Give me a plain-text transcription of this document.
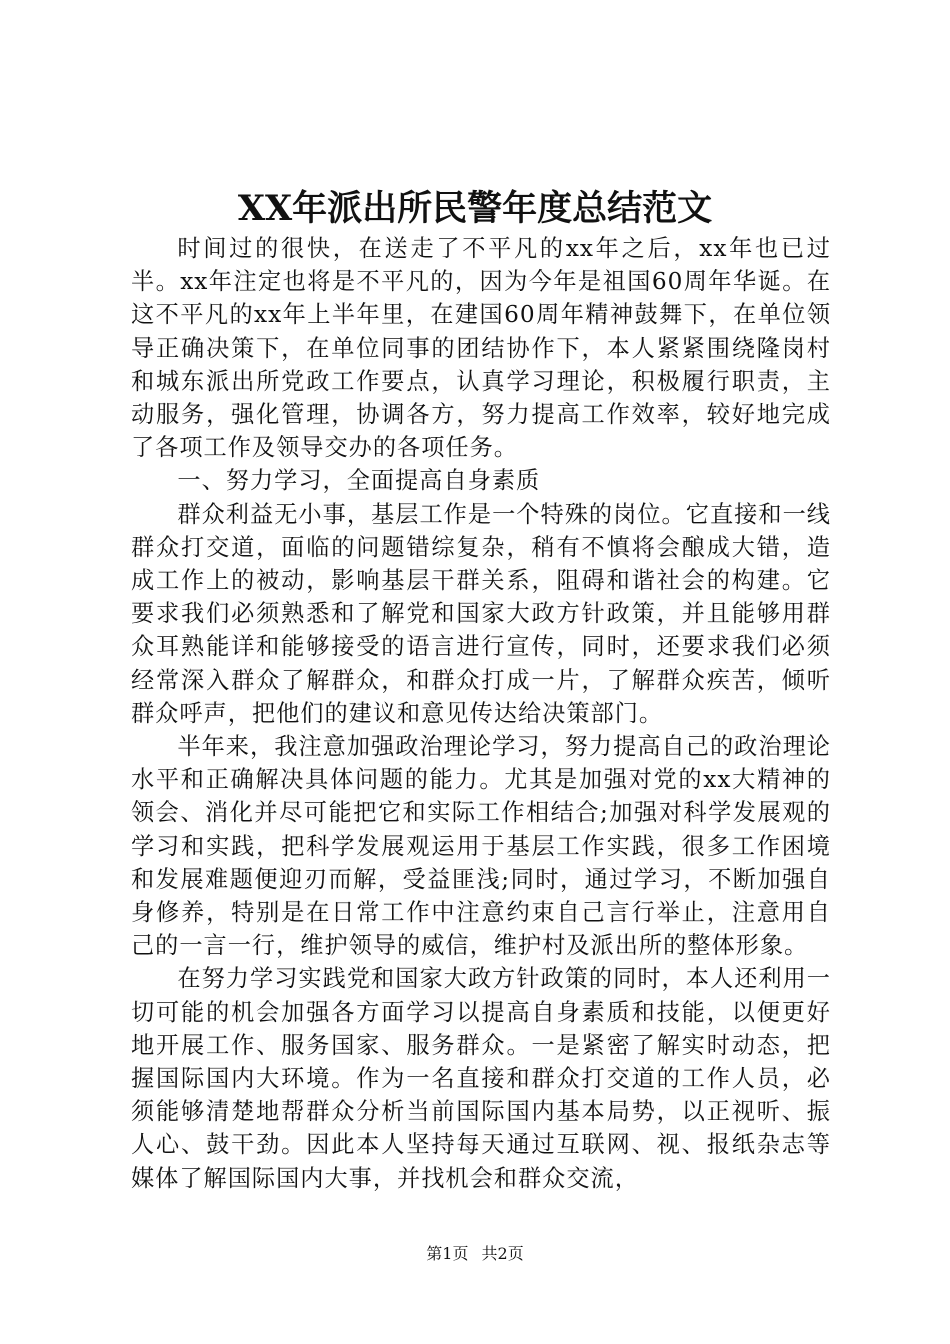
XX年派出所民警年度总结范文

时间过的很快，在送走了不平凡的xx年之后，xx年也已过半。xx年注定也将是不平凡的，因为今年是祖国60周年华诞。在这不平凡的xx年上半年里，在建国60周年精神鼓舞下，在单位领导正确决策下，在单位同事的团结协作下，本人紧紧围绕隆岗村和城东派出所党政工作要点，认真学习理论，积极履行职责，主动服务，强化管理，协调各方，努力提高工作效率，较好地完成了各项工作及领导交办的各项任务。

一、努力学习，全面提高自身素质

群众利益无小事，基层工作是一个特殊的岗位。它直接和一线群众打交道，面临的问题错综复杂，稍有不慎将会酿成大错，造成工作上的被动，影响基层干群关系，阻碍和谐社会的构建。它要求我们必须熟悉和了解党和国家大政方针政策，并且能够用群众耳熟能详和能够接受的语言进行宣传，同时，还要求我们必须经常深入群众了解群众，和群众打成一片，了解群众疾苦，倾听群众呼声，把他们的建议和意见传达给决策部门。

半年来，我注意加强政治理论学习，努力提高自己的政治理论水平和正确解决具体问题的能力。尤其是加强对党的xx大精神的领会、消化并尽可能把它和实际工作相结合;加强对科学发展观的学习和实践，把科学发展观运用于基层工作实践，很多工作困境和发展难题便迎刃而解，受益匪浅;同时，通过学习，不断加强自身修养，特别是在日常工作中注意约束自己言行举止，注意用自己的一言一行，维护领导的威信，维护村及派出所的整体形象。

在努力学习实践党和国家大政方针政策的同时，本人还利用一切可能的机会加强各方面学习以提高自身素质和技能，以便更好地开展工作、服务国家、服务群众。一是紧密了解实时动态，把握国际国内大环境。作为一名直接和群众打交道的工作人员，必须能够清楚地帮群众分析当前国际国内基本局势，以正视听、振人心、鼓干劲。因此本人坚持每天通过互联网、视、报纸杂志等媒体了解国际国内大事，并找机会和群众交流，

第1页 共2页
